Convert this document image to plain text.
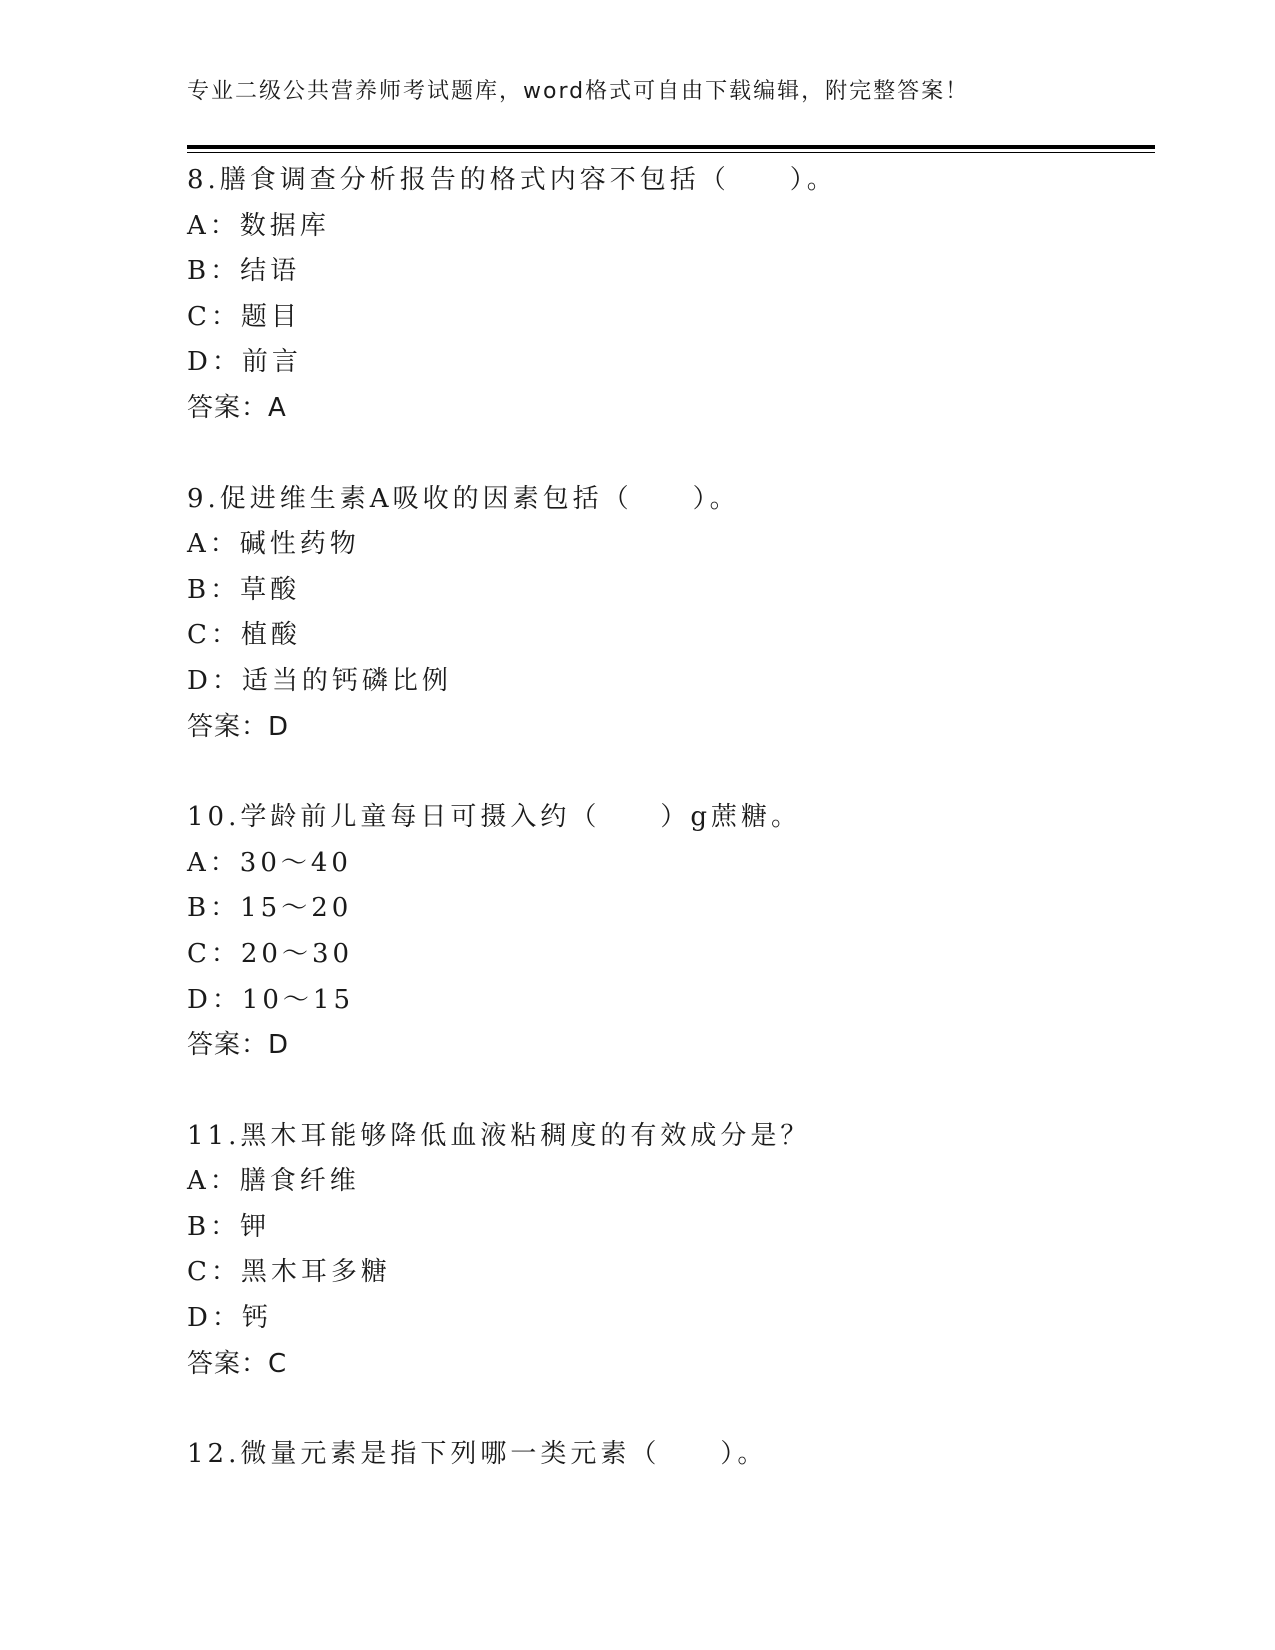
专业二级公共营养师考试题库，word格式可自由下载编辑，附完整答案！
8.膳食调查分析报告的格式内容不包括（　　）。
A：数据库
B：结语
C：题目
D：前言
答案：A
9.促进维生素A吸收的因素包括（　　）。
A：碱性药物
B：草酸
C：植酸
D：适当的钙磷比例
答案：D
10.学龄前儿童每日可摄入约（　　）g蔗糖。
A：30～40
B：15～20
C：20～30
D：10～15
答案：D
11.黑木耳能够降低血液粘稠度的有效成分是？
A：膳食纤维
B：钾
C：黑木耳多糖
D：钙
答案：C
12.微量元素是指下列哪一类元素（　　）。
